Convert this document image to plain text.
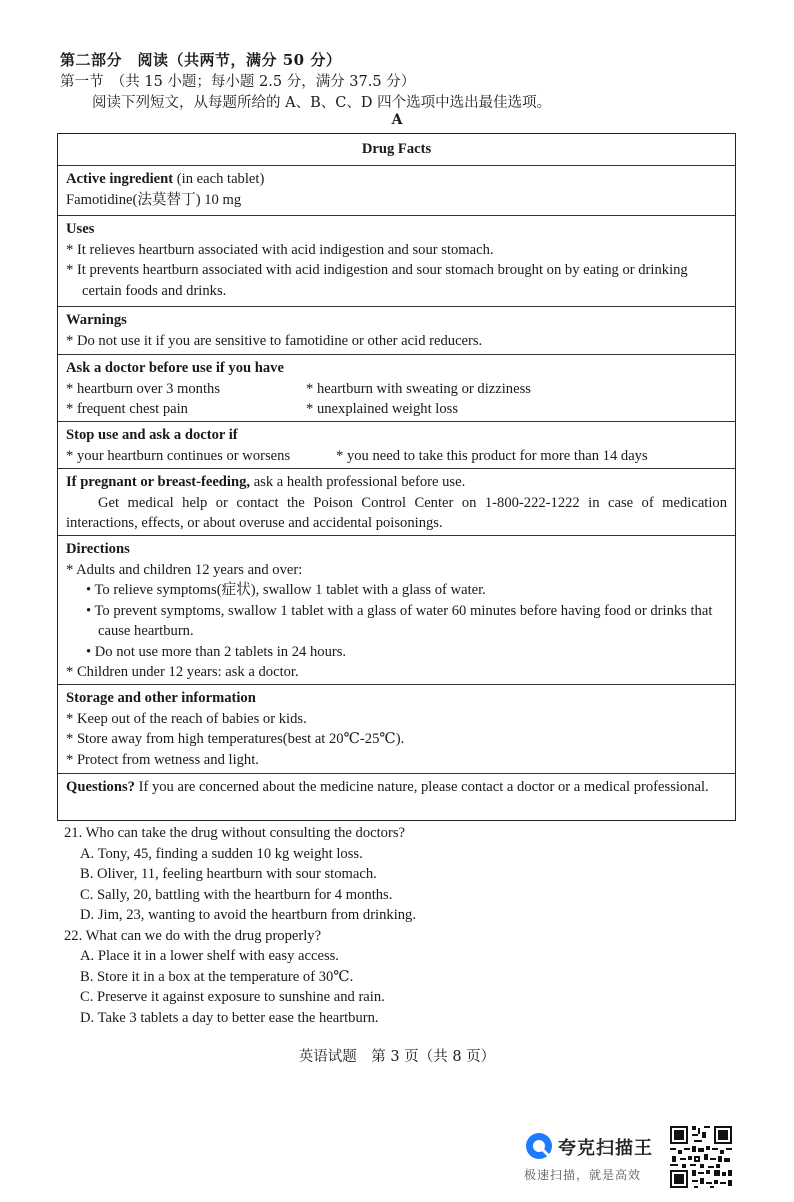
第二部分　阅读（共两节，满分 50 分）
第一节　（共 15 小题；每小题 2.5 分，满分 37.5 分）
阅读下列短文，从每题所给的 A、B、C、D 四个选项中选出最佳选项。
A
Drug Facts

Active ingredient (in each tablet)

Famotidine(法莫替丁) 10 mg

Uses

* It relieves heartburn associated with acid indigestion and sour stomach.

* It prevents heartburn associated with acid indigestion and sour stomach brought on by eating or drinking certain foods and drinks.

Warnings

* Do not use it if you are sensitive to famotidine or other acid reducers.

Ask a doctor before use if you have

* heartburn over 3 months

* frequent chest pain

* heartburn with sweating or dizziness

* unexplained weight loss

Stop use and ask a doctor if

* your heartburn continues or worsens	* you need to take this product for more than 14 days

If pregnant or breast-feeding, ask a health professional before use.

Get medical help or contact the Poison Control Center on 1-800-222-1222 in case of medication interactions, effects, or about overuse and accidental poisonings.

Directions

* Adults and children 12 years and over:

• To relieve symptoms(症状), swallow 1 tablet with a glass of water.

• To prevent symptoms, swallow 1 tablet with a glass of water 60 minutes before having food or drinks that cause heartburn.

• Do not use more than 2 tablets in 24 hours.

* Children under 12 years: ask a doctor.

Storage and other information

* Keep out of the reach of babies or kids.

* Store away from high temperatures(best at 20℃-25℃).

* Protect from wetness and light.

Questions? If you are concerned about the medicine nature, please contact a doctor or a medical professional.

21. Who can take the drug without consulting the doctors?

A. Tony, 45, finding a sudden 10 kg weight loss.

B. Oliver, 11, feeling heartburn with sour stomach.

C. Sally, 20, battling with the heartburn for 4 months.

D. Jim, 23, wanting to avoid the heartburn from drinking.

22. What can we do with the drug properly?

A. Place it in a lower shelf with easy access.

B. Store it in a box at the temperature of 30℃.

C. Preserve it against exposure to sunshine and rain.

D. Take 3 tablets a day to better ease the heartburn.

英语试题　第 3 页（共 8 页）
夸克扫描王
极速扫描，就是高效
